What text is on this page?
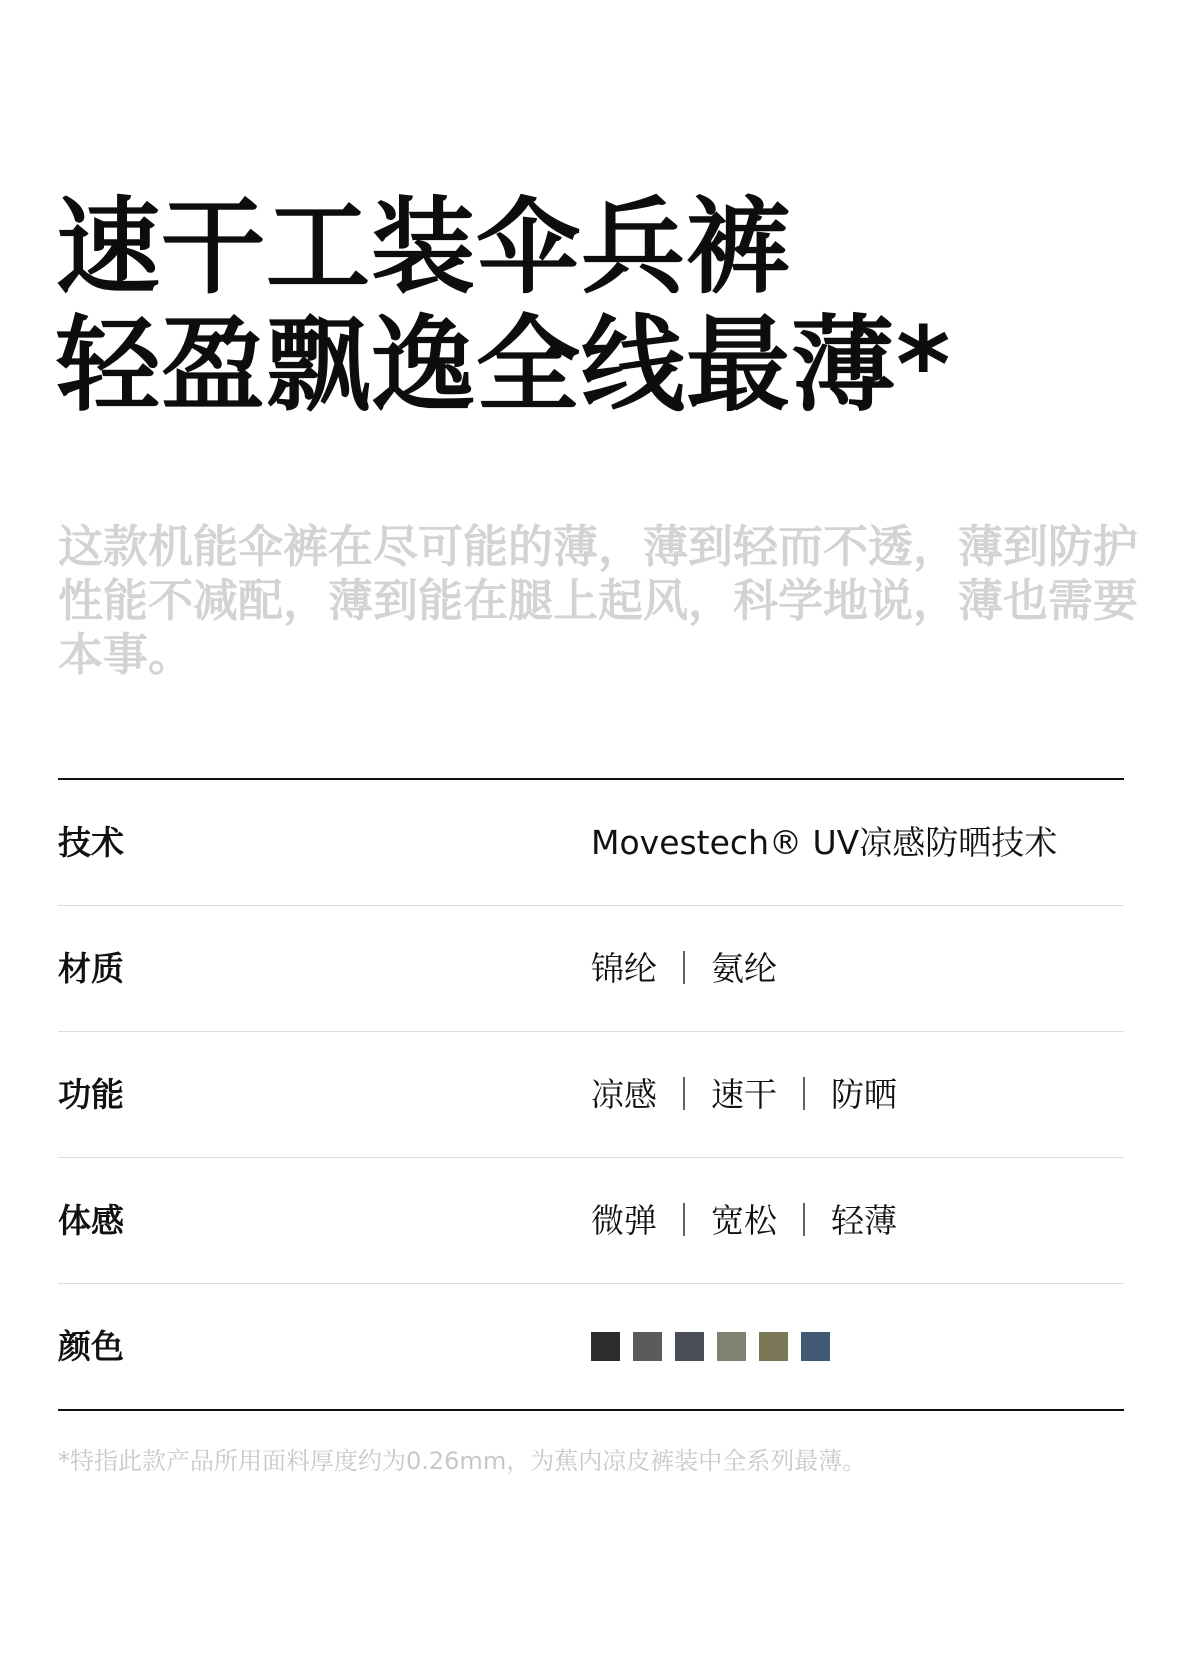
速干工装伞兵裤
轻盈飘逸全线最薄*

这款机能伞裤在尽可能的薄，薄到轻而不透，薄到防护性能不减配，薄到能在腿上起风，科学地说，薄也需要本事。

技术	Movestech® UV凉感防晒技术
材质	锦纶 ｜ 氨纶
功能	凉感 ｜ 速干 ｜ 防晒
体感	微弹 ｜ 宽松 ｜ 轻薄
颜色

*特指此款产品所用面料厚度约为0.26mm，为蕉内凉皮裤装中全系列最薄。
